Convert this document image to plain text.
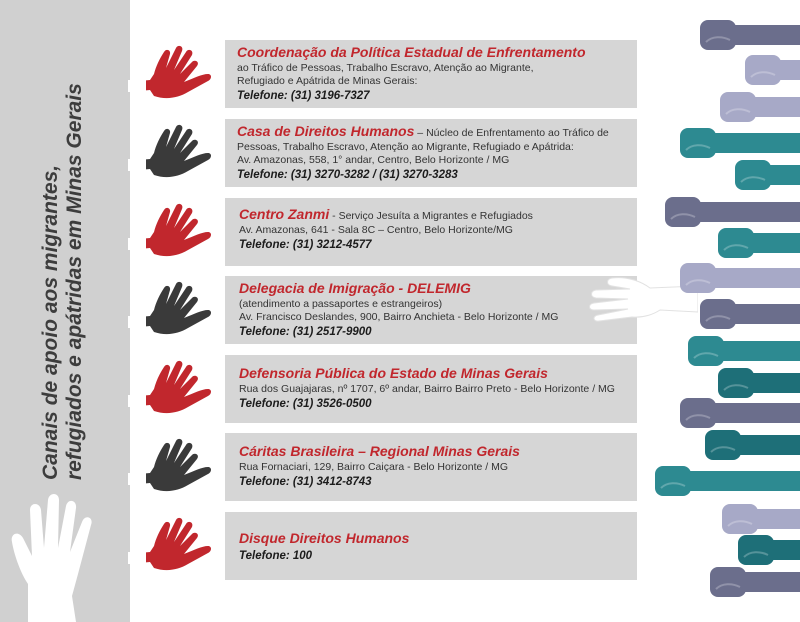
Canais de apoio aos migrantes, refugiados e apátridas em Minas Gerais
Coordenação da Política Estadual de Enfrentamento
ao Tráfico de Pessoas, Trabalho Escravo, Atenção ao Migrante,
Refugiado e Apátrida de Minas Gerais:
Telefone: (31) 3196-7327
Casa de Direitos Humanos – Núcleo de Enfrentamento ao Tráfico de
Pessoas, Trabalho Escravo, Atenção ao Migrante, Refugiado e Apátrida:
Av. Amazonas, 558, 1° andar, Centro, Belo Horizonte / MG
Telefone: (31) 3270-3282 / (31) 3270-3283
Centro Zanmi - Serviço Jesuíta a Migrantes e Refugiados
Av. Amazonas, 641 - Sala 8C – Centro, Belo Horizonte/MG
Telefone: (31) 3212-4577
Delegacia de Imigração - DELEMIG
(atendimento a passaportes e estrangeiros)
Av. Francisco Deslandes, 900, Bairro Anchieta - Belo Horizonte / MG
Telefone: (31) 2517-9900
Defensoria Pública do Estado de Minas Gerais
Rua dos Guajajaras, nº 1707, 6º andar, Bairro Bairro Preto - Belo Horizonte / MG
Telefone: (31) 3526-0500
Cáritas Brasileira – Regional Minas Gerais
Rua Fornaciari, 129, Bairro Caiçara - Belo Horizonte / MG
Telefone: (31) 3412-8743
Disque Direitos Humanos
Telefone: 100
